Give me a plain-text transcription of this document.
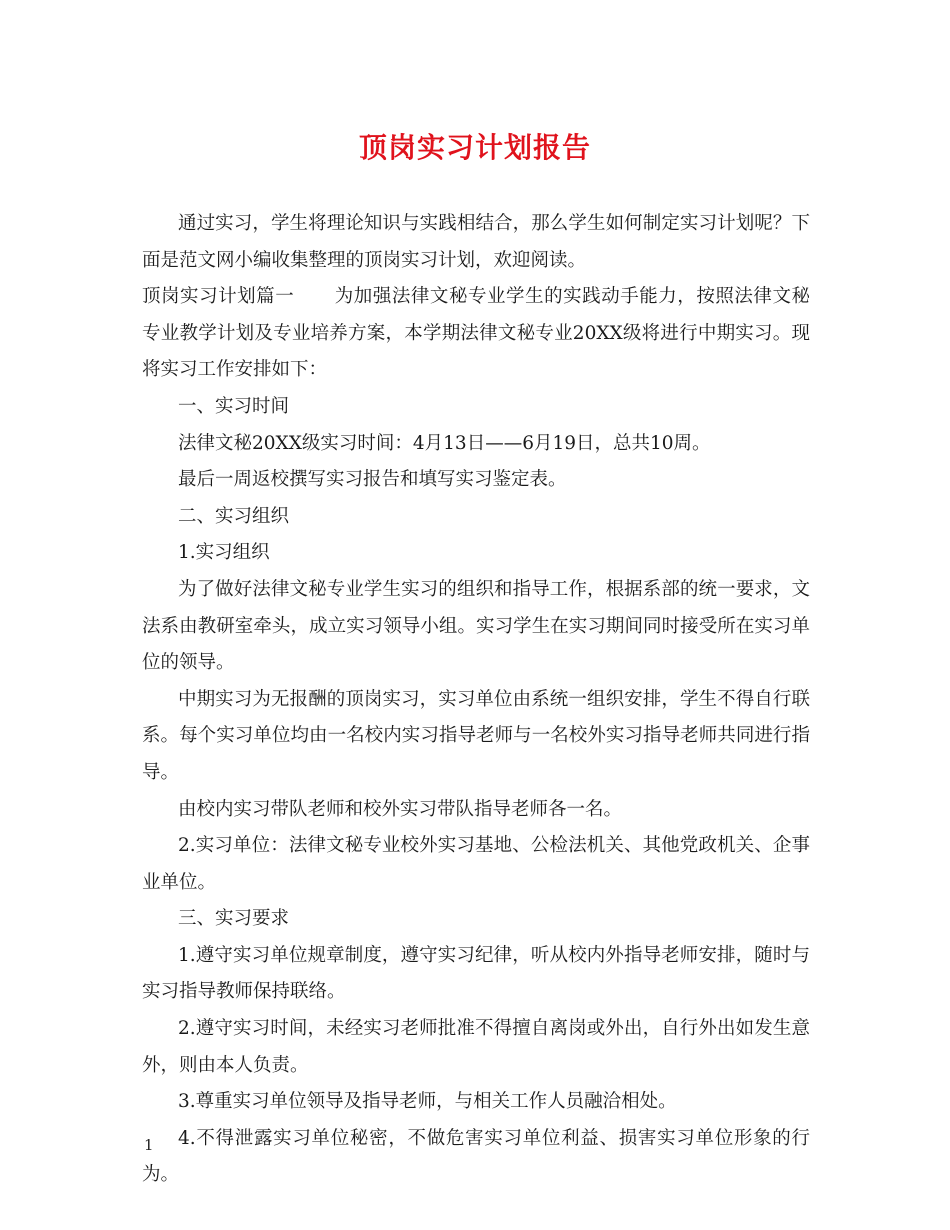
顶岗实习计划报告

通过实习，学生将理论知识与实践相结合，那么学生如何制定实习计划呢？下面是范文网小编收集整理的顶岗实习计划，欢迎阅读。

顶岗实习计划篇一 为加强法律文秘专业学生的实践动手能力，按照法律文秘专业教学计划及专业培养方案，本学期法律文秘专业20XX级将进行中期实习。现将实习工作安排如下：

一、实习时间

法律文秘20XX级实习时间：4月13日——6月19日，总共10周。

最后一周返校撰写实习报告和填写实习鉴定表。

二、实习组织

1.实习组织

为了做好法律文秘专业学生实习的组织和指导工作，根据系部的统一要求，文法系由教研室牵头，成立实习领导小组。实习学生在实习期间同时接受所在实习单位的领导。

中期实习为无报酬的顶岗实习，实习单位由系统一组织安排，学生不得自行联系。每个实习单位均由一名校内实习指导老师与一名校外实习指导老师共同进行指导。

由校内实习带队老师和校外实习带队指导老师各一名。

2.实习单位：法律文秘专业校外实习基地、公检法机关、其他党政机关、企事业单位。

三、实习要求

1.遵守实习单位规章制度，遵守实习纪律，听从校内外指导老师安排，随时与实习指导教师保持联络。

2.遵守实习时间，未经实习老师批准不得擅自离岗或外出，自行外出如发生意外，则由本人负责。

3.尊重实习单位领导及指导老师，与相关工作人员融洽相处。

4.不得泄露实习单位秘密，不做危害实习单位利益、损害实习单位形象的行为。

1
